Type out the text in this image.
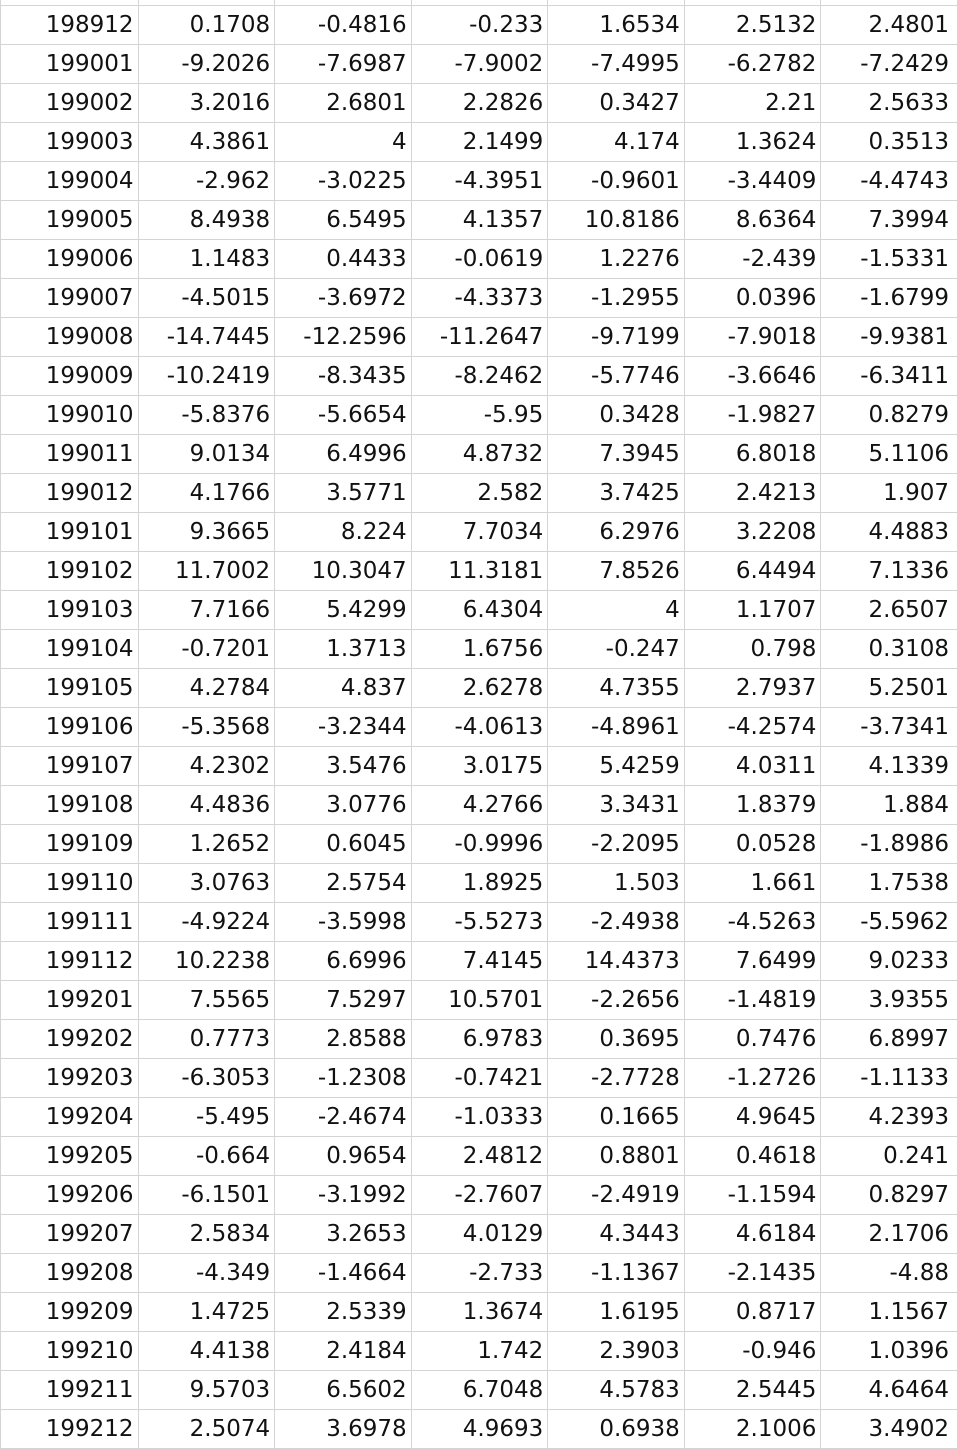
198912	0.1708	-0.4816	-0.233	1.6534	2.5132	2.4801
199001	-9.2026	-7.6987	-7.9002	-7.4995	-6.2782	-7.2429
199002	3.2016	2.6801	2.2826	0.3427	2.21	2.5633
199003	4.3861	4	2.1499	4.174	1.3624	0.3513
199004	-2.962	-3.0225	-4.3951	-0.9601	-3.4409	-4.4743
199005	8.4938	6.5495	4.1357	10.8186	8.6364	7.3994
199006	1.1483	0.4433	-0.0619	1.2276	-2.439	-1.5331
199007	-4.5015	-3.6972	-4.3373	-1.2955	0.0396	-1.6799
199008	-14.7445	-12.2596	-11.2647	-9.7199	-7.9018	-9.9381
199009	-10.2419	-8.3435	-8.2462	-5.7746	-3.6646	-6.3411
199010	-5.8376	-5.6654	-5.95	0.3428	-1.9827	0.8279
199011	9.0134	6.4996	4.8732	7.3945	6.8018	5.1106
199012	4.1766	3.5771	2.582	3.7425	2.4213	1.907
199101	9.3665	8.224	7.7034	6.2976	3.2208	4.4883
199102	11.7002	10.3047	11.3181	7.8526	6.4494	7.1336
199103	7.7166	5.4299	6.4304	4	1.1707	2.6507
199104	-0.7201	1.3713	1.6756	-0.247	0.798	0.3108
199105	4.2784	4.837	2.6278	4.7355	2.7937	5.2501
199106	-5.3568	-3.2344	-4.0613	-4.8961	-4.2574	-3.7341
199107	4.2302	3.5476	3.0175	5.4259	4.0311	4.1339
199108	4.4836	3.0776	4.2766	3.3431	1.8379	1.884
199109	1.2652	0.6045	-0.9996	-2.2095	0.0528	-1.8986
199110	3.0763	2.5754	1.8925	1.503	1.661	1.7538
199111	-4.9224	-3.5998	-5.5273	-2.4938	-4.5263	-5.5962
199112	10.2238	6.6996	7.4145	14.4373	7.6499	9.0233
199201	7.5565	7.5297	10.5701	-2.2656	-1.4819	3.9355
199202	0.7773	2.8588	6.9783	0.3695	0.7476	6.8997
199203	-6.3053	-1.2308	-0.7421	-2.7728	-1.2726	-1.1133
199204	-5.495	-2.4674	-1.0333	0.1665	4.9645	4.2393
199205	-0.664	0.9654	2.4812	0.8801	0.4618	0.241
199206	-6.1501	-3.1992	-2.7607	-2.4919	-1.1594	0.8297
199207	2.5834	3.2653	4.0129	4.3443	4.6184	2.1706
199208	-4.349	-1.4664	-2.733	-1.1367	-2.1435	-4.88
199209	1.4725	2.5339	1.3674	1.6195	0.8717	1.1567
199210	4.4138	2.4184	1.742	2.3903	-0.946	1.0396
199211	9.5703	6.5602	6.7048	4.5783	2.5445	4.6464
199212	2.5074	3.6978	4.9693	0.6938	2.1006	3.4902
